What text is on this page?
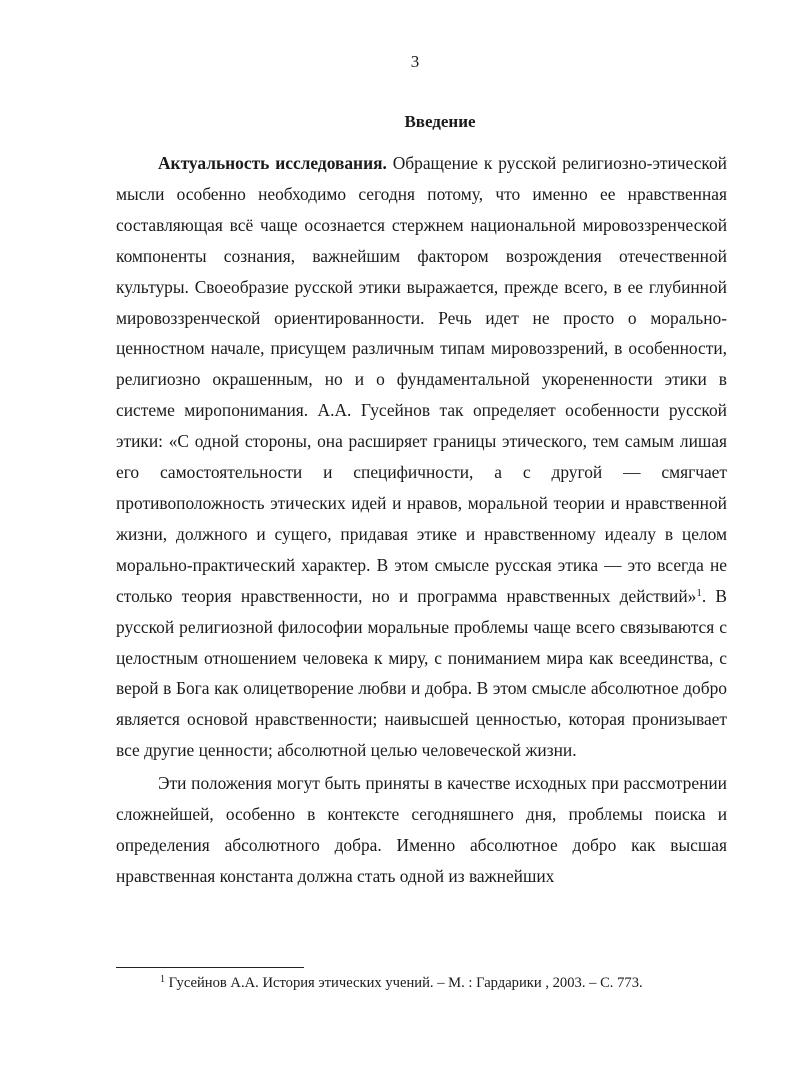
3
Введение

Актуальность исследования. Обращение к русской религиозно-этической мысли особенно необходимо сегодня потому, что именно ее нравственная составляющая всё чаще осознается стержнем национальной мировоззренческой компоненты сознания, важнейшим фактором возрождения отечественной культуры. Своеобразие русской этики выражается, прежде всего, в ее глубинной мировоззренческой ориентированности. Речь идет не просто о морально-ценностном начале, присущем различным типам мировоззрений, в особенности, религиозно окрашенным, но и о фундаментальной укорененности этики в системе миропонимания. А.А. Гусейнов так определяет особенности русской этики: «С одной стороны, она расширяет границы этического, тем самым лишая его самостоятельности и специфичности, а с другой — смягчает противоположность этических идей и нравов, моральной теории и нравственной жизни, должного и сущего, придавая этике и нравственному идеалу в целом морально-практический характер. В этом смысле русская этика — это всегда не столько теория нравственности, но и программа нравственных действий»$^1$. В русской религиозной философии моральные проблемы чаще всего связываются с целостным отношением человека к миру, с пониманием мира как всеединства, с верой в Бога как олицетворение любви и добра. В этом смысле абсолютное добро является основой нравственности; наивысшей ценностью, которая пронизывает все другие ценности; абсолютной целью человеческой жизни.

Эти положения могут быть приняты в качестве исходных при рассмотрении сложнейшей, особенно в контексте сегодняшнего дня, проблемы поиска и определения абсолютного добра. Именно абсолютное добро как высшая нравственная константа должна стать одной из важнейших

$^1$ Гусейнов А.А. История этических учений. – М. : Гардарики , 2003. – С. 773.
